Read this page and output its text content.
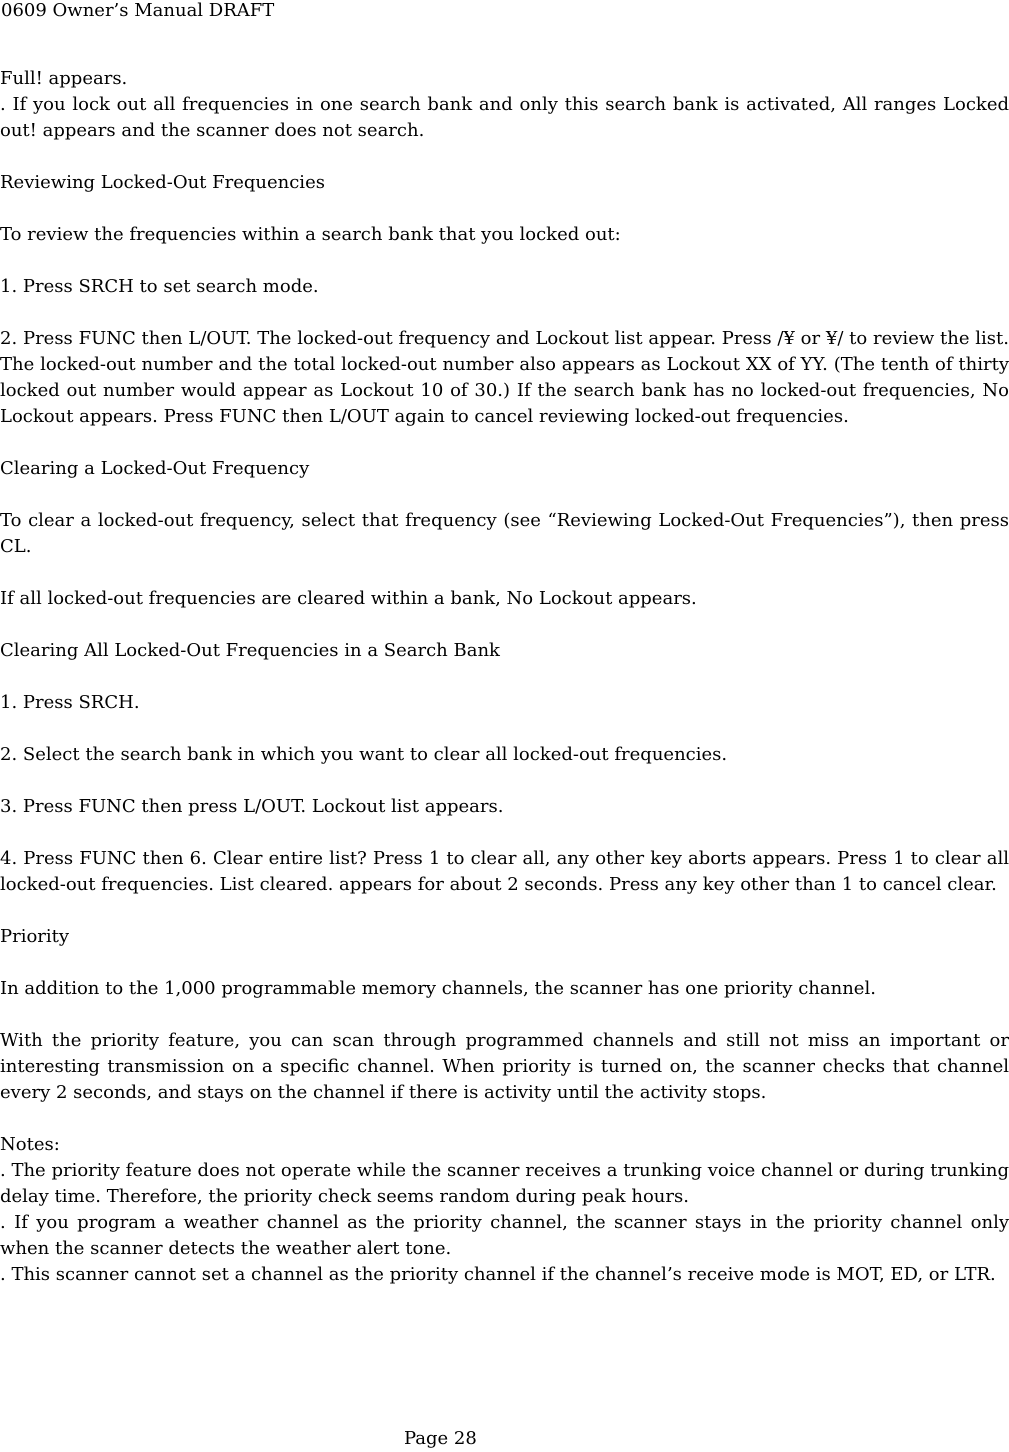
0609 Owner’s Manual DRAFT

Full! appears.

. If you lock out all frequencies in one search bank and only this search bank is activated, All ranges Locked out! appears and the scanner does not search.

Reviewing Locked-Out Frequencies

To review the frequencies within a search bank that you locked out:

1. Press SRCH to set search mode.

2. Press FUNC then L/OUT. The locked-out frequency and Lockout list appear. Press /¥ or ¥/ to review the list. The locked-out number and the total locked-out number also appears as Lockout XX of YY. (The tenth of thirty locked out number would appear as Lockout 10 of 30.) If the search bank has no locked-out frequencies, No Lockout appears. Press FUNC then L/OUT again to cancel reviewing locked-out frequencies.

Clearing a Locked-Out Frequency

To clear a locked-out frequency, select that frequency (see “Reviewing Locked-Out Frequencies”), then press CL.

If all locked-out frequencies are cleared within a bank, No Lockout appears.

Clearing All Locked-Out Frequencies in a Search Bank

1. Press SRCH.

2. Select the search bank in which you want to clear all locked-out frequencies.

3. Press FUNC then press L/OUT. Lockout list appears.

4. Press FUNC then 6. Clear entire list? Press 1 to clear all, any other key aborts appears. Press 1 to clear all locked-out frequencies. List cleared. appears for about 2 seconds. Press any key other than 1 to cancel clear.

Priority

In addition to the 1,000 programmable memory channels, the scanner has one priority channel.

With the priority feature, you can scan through programmed channels and still not miss an important or interesting transmission on a specific channel. When priority is turned on, the scanner checks that channel every 2 seconds, and stays on the channel if there is activity until the activity stops.

Notes:

. The priority feature does not operate while the scanner receives a trunking voice channel or during trunking delay time. Therefore, the priority check seems random during peak hours.

. If you program a weather channel as the priority channel, the scanner stays in the priority channel only when the scanner detects the weather alert tone.

. This scanner cannot set a channel as the priority channel if the channel’s receive mode is MOT, ED, or LTR.

Page 28
